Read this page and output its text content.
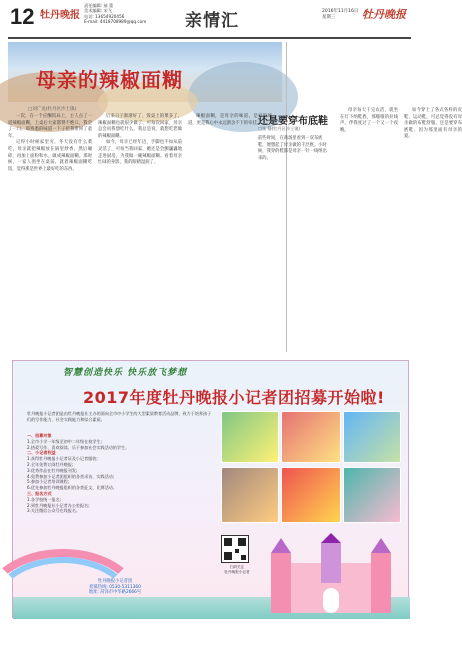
12 牡丹晚报
责任编辑: 郝 蕾
美术编辑: 宋飞
电话: 13654920456
E-mail: 4418708989@qq.com 亲情汇	2016年11月16日
星期三	牡丹晚报
母亲的辣椒面糊
□刘广龙(牡丹区沙土镇)

一次，在一个应酬饭局上，主人点了一道辣椒面糊，上桌后大家都赞不绝口，我尝了一口，那熟悉的味道一下子把我带回了童年。

记得小时候家里穷，冬天没有什么菜吃，母亲就把辣椒放在锅里炒香，然后碾碎，再加上面粉和水，做成辣椒面糊。那时候，一家人围坐在桌前，就着辣椒面糊吃饭，觉得那是世界上最好吃的东西。

后来日子渐渐好了，饭桌上的菜多了，辣椒面糊也就很少做了。可每次回家，母亲总会问我想吃什么，我总是说，就想吃您做的辣椒面糊。

如今，母亲已经年迈，手脚也不如从前灵活了，可每当我回家，她还是会颤巍巍地走进厨房，为我做一碗辣椒面糊。看着母亲忙碌的身影，我的眼睛湿润了。

辣椒面糊，是母亲的味道，是家的味道，更是我心中永远割舍不下的牵挂。

还是要穿布底鞋
□张 静(牡丹区沙土镇)

前些时间，在商场里看到一双布底鞋，便想起了母亲做的千层底。小时候，我穿的鞋都是母亲一针一线纳出来的。

母亲每天干完农活，就坐在灯下纳鞋底，那嗤嗤的拉线声，伴我度过了一个又一个夜晚。

如今穿上了各式各样的皮鞋、运动鞋，可总觉得没有母亲做的布鞋舒服。还是要穿布底鞋，因为那里面有母亲的爱。

智慧创造快乐 快乐放飞梦想
2017年度牡丹晚报小记者团招募开始啦!
牡丹晚报小记者团是由牡丹晚报社主办的面向全市中小学生的大型素质教育活动品牌，致力于培养孩子们的写作能力、社会实践能力和综合素质。
一、招募对象
1.全市小学一年级至初中二年级在校学生;
2.热爱写作、喜欢阅读、乐于参加社会实践活动的学生。
二、小记者权益
1.获得牡丹晚报小记者证及小记者服装;
2.全年免费订阅牡丹晚报;
3.优秀作品在牡丹晚报刊发;
4.免费参加小记者团组织的各类采访、实践活动;
5.参加小记者培训课程;
6.优先参加牡丹晚报组织的各类征文、比赛活动。
三、报名方式
1.各学校统一报名;
2.到牡丹晚报社小记者办公室报名;
3.关注微信公众号在线报名。
牡丹晚报小记者团
招募热线: 0530-5311360
地址: 菏泽市中华路2666号
扫码关注
牡丹晚报小记者
